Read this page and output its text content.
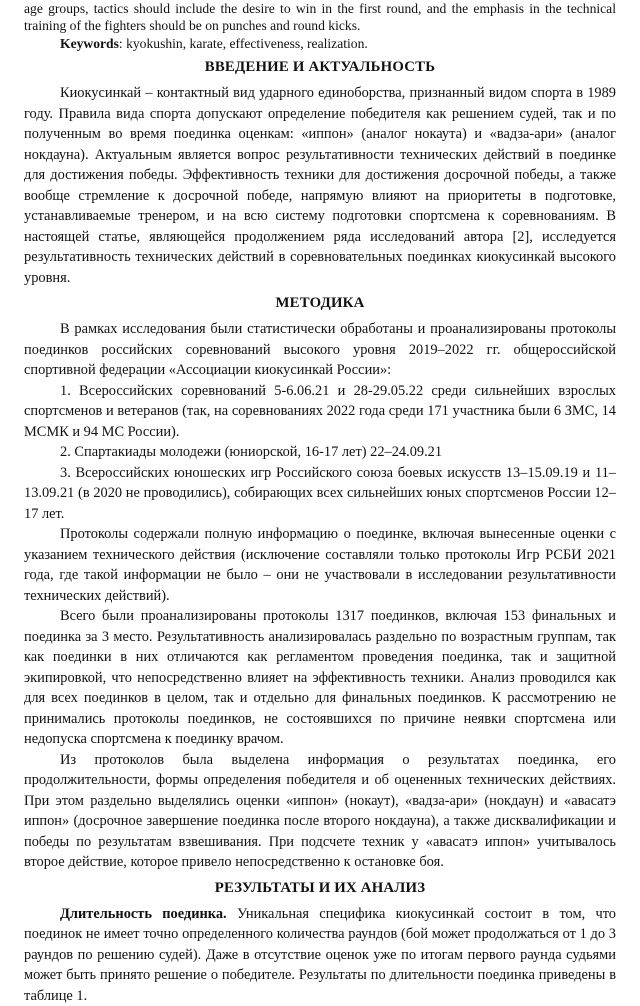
age groups, tactics should include the desire to win in the first round, and the emphasis in the technical training of the fighters should be on punches and round kicks.
Keywords: kyokushin, karate, effectiveness, realization.
ВВЕДЕНИЕ И АКТУАЛЬНОСТЬ

Киокусинкай – контактный вид ударного единоборства, признанный видом спорта в 1989 году. Правила вида спорта допускают определение победителя как решением судей, так и по полученным во время поединка оценкам: «иппон» (аналог нокаута) и «вадза-ари» (аналог нокдауна). Актуальным является вопрос результативности технических действий в поединке для достижения победы. Эффективность техники для достижения досрочной победы, а также вообще стремление к досрочной победе, напрямую влияют на приоритеты в подготовке, устанавливаемые тренером, и на всю систему подготовки спортсмена к соревнованиям. В настоящей статье, являющейся продолжением ряда исследований автора [2], исследуется результативность технических действий в соревновательных поединках киокусинкай высокого уровня.

МЕТОДИКА

В рамках исследования были статистически обработаны и проанализированы протоколы поединков российских соревнований высокого уровня 2019–2022 гг. общероссийской спортивной федерации «Ассоциации киокусинкай России»:

1. Всероссийских соревнований 5-6.06.21 и 28-29.05.22 среди сильнейших взрослых спортсменов и ветеранов (так, на соревнованиях 2022 года среди 171 участника были 6 ЗМС, 14 МСМК и 94 МС России).

2. Спартакиады молодежи (юниорской, 16-17 лет) 22–24.09.21

3. Всероссийских юношеских игр Российского союза боевых искусств 13–15.09.19 и 11–13.09.21 (в 2020 не проводились), собирающих всех сильнейших юных спортсменов России 12–17 лет.

Протоколы содержали полную информацию о поединке, включая вынесенные оценки с указанием технического действия (исключение составляли только протоколы Игр РСБИ 2021 года, где такой информации не было – они не участвовали в исследовании результативности технических действий).

Всего были проанализированы протоколы 1317 поединков, включая 153 финальных и поединка за 3 место. Результативность анализировалась раздельно по возрастным группам, так как поединки в них отличаются как регламентом проведения поединка, так и защитной экипировкой, что непосредственно влияет на эффективность техники. Анализ проводился как для всех поединков в целом, так и отдельно для финальных поединков. К рассмотрению не принимались протоколы поединков, не состоявшихся по причине неявки спортсмена или недопуска спортсмена к поединку врачом.

Из протоколов была выделена информация о результатах поединка, его продолжительности, формы определения победителя и об оцененных технических действиях. При этом раздельно выделялись оценки «иппон» (нокаут), «вадза-ари» (нокдаун) и «авасатэ иппон» (досрочное завершение поединка после второго нокдауна), а также дисквалификации и победы по результатам взвешивания. При подсчете техник у «авасатэ иппон» учитывалось второе действие, которое привело непосредственно к остановке боя.

РЕЗУЛЬТАТЫ И ИХ АНАЛИЗ

Длительность поединка. Уникальная специфика киокусинкай состоит в том, что поединок не имеет точно определенного количества раундов (бой может продолжаться от 1 до 3 раундов по решению судей). Даже в отсутствие оценок уже по итогам первого раунда судьями может быть принято решение о победителе. Результаты по длительности поединка приведены в таблице 1.
